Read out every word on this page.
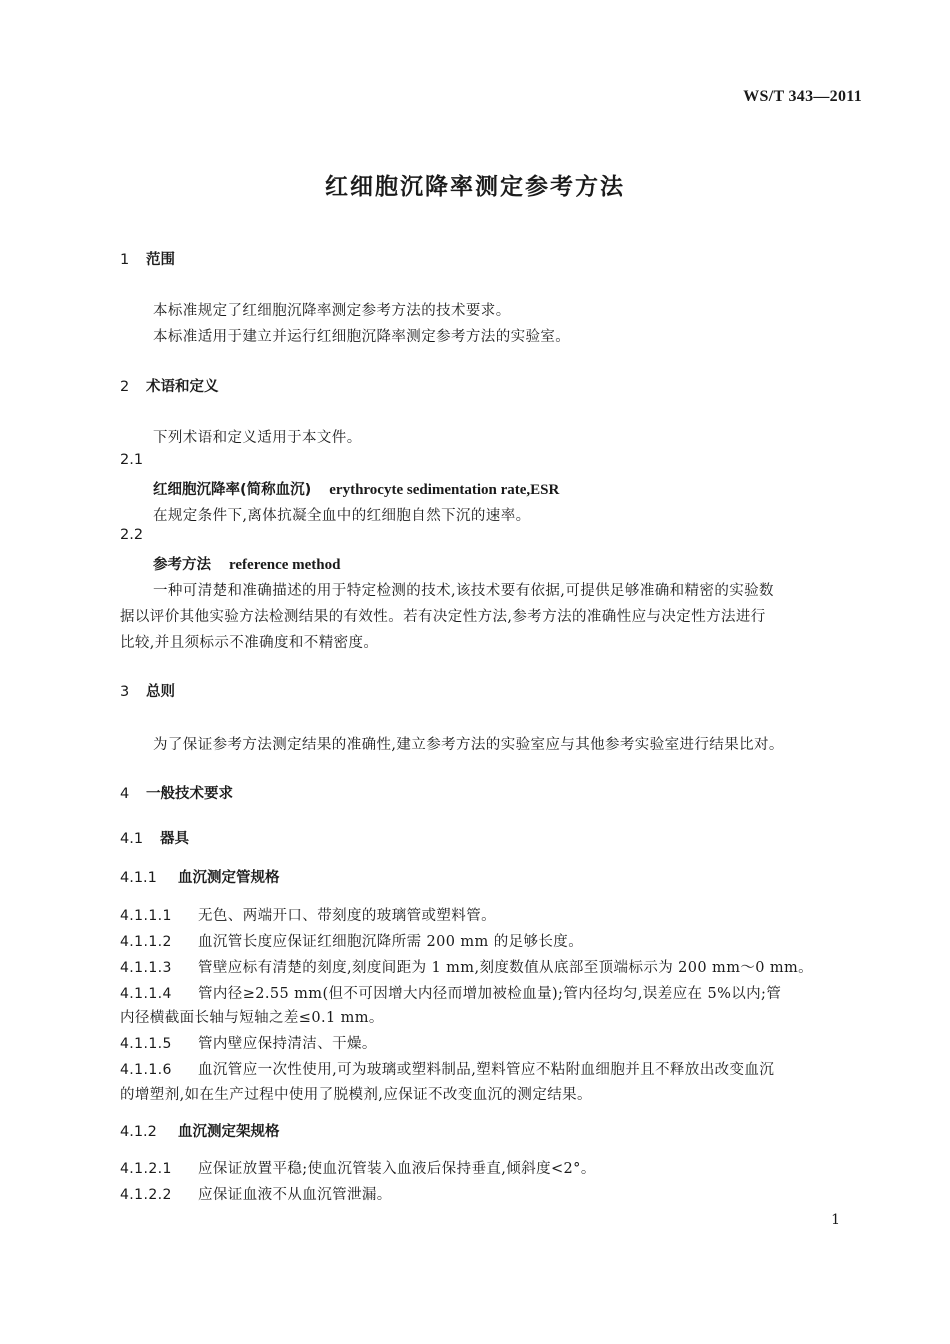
WS/T 343—2011
红细胞沉降率测定参考方法
1 范围
本标准规定了红细胞沉降率测定参考方法的技术要求。
本标准适用于建立并运行红细胞沉降率测定参考方法的实验室。
2 术语和定义
下列术语和定义适用于本文件。
2.1
红细胞沉降率(简称血沉) erythrocyte sedimentation rate,ESR
在规定条件下,离体抗凝全血中的红细胞自然下沉的速率。
2.2
参考方法 reference method
一种可清楚和准确描述的用于特定检测的技术,该技术要有依据,可提供足够准确和精密的实验数
据以评价其他实验方法检测结果的有效性。若有决定性方法,参考方法的准确性应与决定性方法进行
比较,并且须标示不准确度和不精密度。
3 总则
为了保证参考方法测定结果的准确性,建立参考方法的实验室应与其他参考实验室进行结果比对。
4 一般技术要求
4.1 器具
4.1.1 血沉测定管规格
4.1.1.1 无色、两端开口、带刻度的玻璃管或塑料管。
4.1.1.2 血沉管长度应保证红细胞沉降所需 200 mm 的足够长度。
4.1.1.3 管壁应标有清楚的刻度,刻度间距为 1 mm,刻度数值从底部至顶端标示为 200 mm～0 mm。
4.1.1.4 管内径≥2.55 mm(但不可因增大内径而增加被检血量);管内径均匀,误差应在 5%以内;管
内径横截面长轴与短轴之差≤0.1 mm。
4.1.1.5 管内壁应保持清洁、干燥。
4.1.1.6 血沉管应一次性使用,可为玻璃或塑料制品,塑料管应不粘附血细胞并且不释放出改变血沉
的增塑剂,如在生产过程中使用了脱模剂,应保证不改变血沉的测定结果。
4.1.2 血沉测定架规格
4.1.2.1 应保证放置平稳;使血沉管装入血液后保持垂直,倾斜度<2°。
4.1.2.2 应保证血液不从血沉管泄漏。
1
